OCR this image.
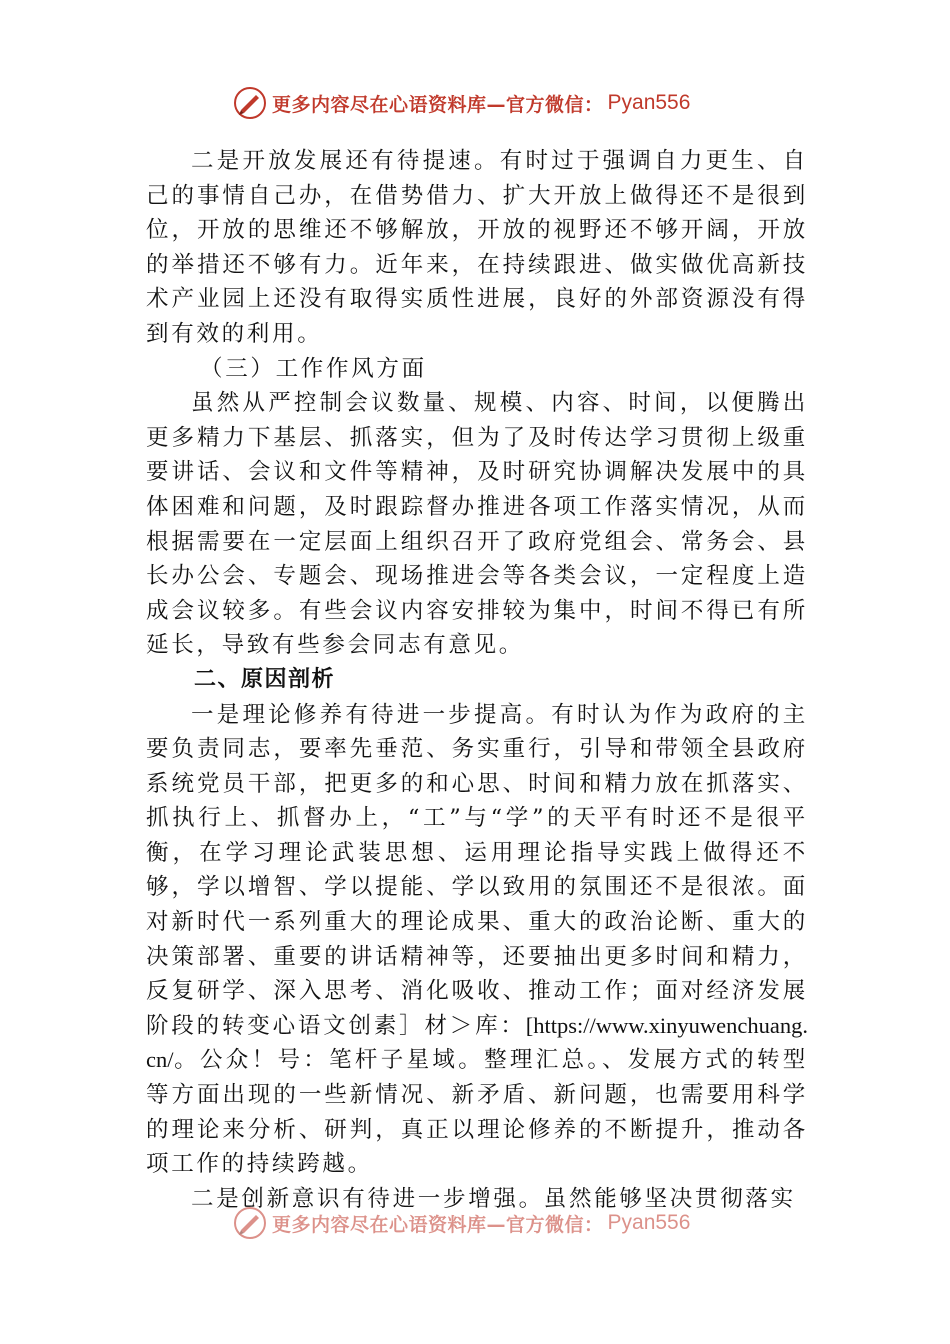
更多内容尽在心语资料库—官方微信： Pyan556

二是开放发展还有待提速。有时过于强调自力更生、自己的事情自己办，在借势借力、扩大开放上做得还不是很到位，开放的思维还不够解放，开放的视野还不够开阔，开放的举措还不够有力。近年来，在持续跟进、做实做优高新技术产业园上还没有取得实质性进展，良好的外部资源没有得到有效的利用。

（三）工作作风方面

虽然从严控制会议数量、规模、内容、时间，以便腾出更多精力下基层、抓落实，但为了及时传达学习贯彻上级重要讲话、会议和文件等精神，及时研究协调解决发展中的具体困难和问题，及时跟踪督办推进各项工作落实情况，从而根据需要在一定层面上组织召开了政府党组会、常务会、县长办公会、专题会、现场推进会等各类会议，一定程度上造成会议较多。有些会议内容安排较为集中，时间不得已有所延长，导致有些参会同志有意见。

二、原因剖析

一是理论修养有待进一步提高。有时认为作为政府的主要负责同志，要率先垂范、务实重行，引导和带领全县政府系统党员干部，把更多的和心思、时间和精力放在抓落实、抓执行上、抓督办上，“工”与“学”的天平有时还不是很平衡，在学习理论武装思想、运用理论指导实践上做得还不够，学以增智、学以提能、学以致用的氛围还不是很浓。面对新时代一系列重大的理论成果、重大的政治论断、重大的决策部署、重要的讲话精神等，还要抽出更多时间和精力，反复研学、深入思考、消化吸收、推动工作；面对经济发展阶段的转变心语文创素］材＞库：[https://www.xinyuwenchuang.cn/。公众！号：笔杆子星域。整理汇总。、发展方式的转型等方面出现的一些新情况、新矛盾、新问题，也需要用科学的理论来分析、研判，真正以理论修养的不断提升，推动各项工作的持续跨越。

二是创新意识有待进一步增强。虽然能够坚决贯彻落实

更多内容尽在心语资料库—官方微信： Pyan556
